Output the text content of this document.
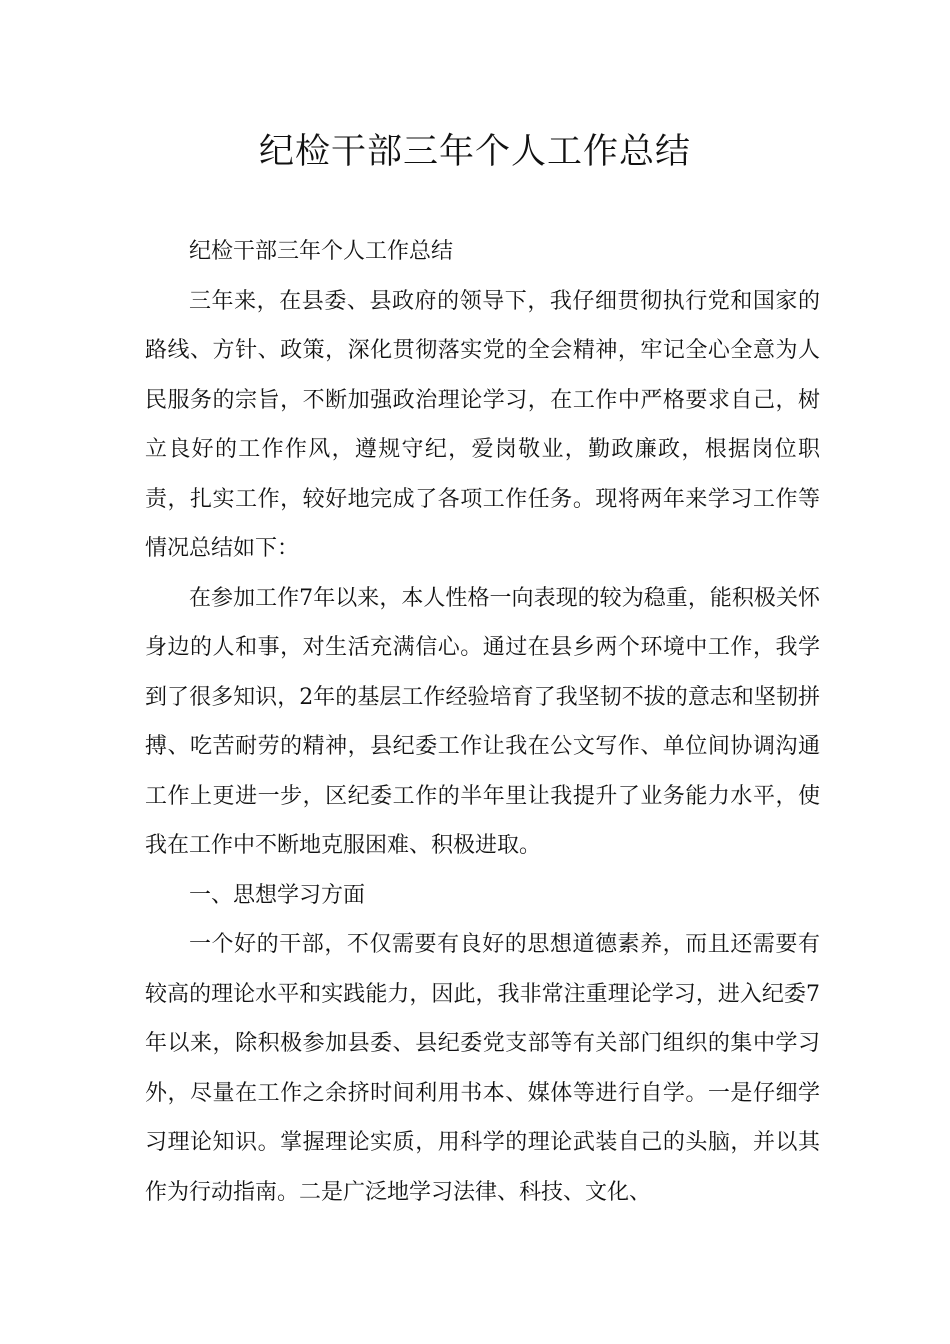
纪检干部三年个人工作总结

纪检干部三年个人工作总结

三年来，在县委、县政府的领导下，我仔细贯彻执行党和国家的路线、方针、政策，深化贯彻落实党的全会精神，牢记全心全意为人民服务的宗旨，不断加强政治理论学习，在工作中严格要求自己，树立良好的工作作风，遵规守纪，爱岗敬业，勤政廉政，根据岗位职责，扎实工作，较好地完成了各项工作任务。现将两年来学习工作等情况总结如下：

在参加工作7年以来，本人性格一向表现的较为稳重，能积极关怀身边的人和事，对生活充满信心。通过在县乡两个环境中工作，我学到了很多知识，2年的基层工作经验培育了我坚韧不拔的意志和坚韧拼搏、吃苦耐劳的精神，县纪委工作让我在公文写作、单位间协调沟通工作上更进一步，区纪委工作的半年里让我提升了业务能力水平，使我在工作中不断地克服困难、积极进取。

一、思想学习方面

一个好的干部，不仅需要有良好的思想道德素养，而且还需要有较高的理论水平和实践能力，因此，我非常注重理论学习，进入纪委7年以来，除积极参加县委、县纪委党支部等有关部门组织的集中学习外，尽量在工作之余挤时间利用书本、媒体等进行自学。一是仔细学习理论知识。掌握理论实质，用科学的理论武装自己的头脑，并以其作为行动指南。二是广泛地学习法律、科技、文化、
